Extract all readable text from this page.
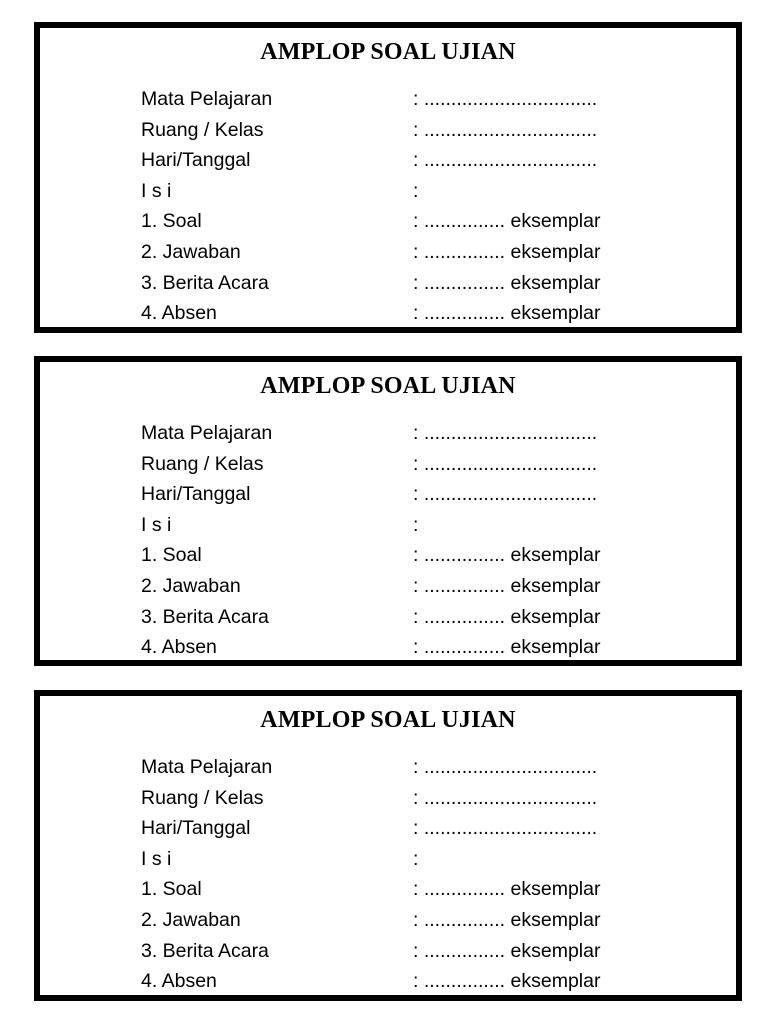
AMPLOP SOAL UJIAN
Mata Pelajaran	: ................................
Ruang / Kelas	: ................................
Hari/Tanggal	: ................................
I s i	:
1. Soal	: ............... eksemplar
2. Jawaban	: ............... eksemplar
3. Berita Acara	: ............... eksemplar
4. Absen	: ............... eksemplar
AMPLOP SOAL UJIAN
Mata Pelajaran	: ................................
Ruang / Kelas	: ................................
Hari/Tanggal	: ................................
I s i	:
1. Soal	: ............... eksemplar
2. Jawaban	: ............... eksemplar
3. Berita Acara	: ............... eksemplar
4. Absen	: ............... eksemplar
AMPLOP SOAL UJIAN
Mata Pelajaran	: ................................
Ruang / Kelas	: ................................
Hari/Tanggal	: ................................
I s i	:
1. Soal	: ............... eksemplar
2. Jawaban	: ............... eksemplar
3. Berita Acara	: ............... eksemplar
4. Absen	: ............... eksemplar
